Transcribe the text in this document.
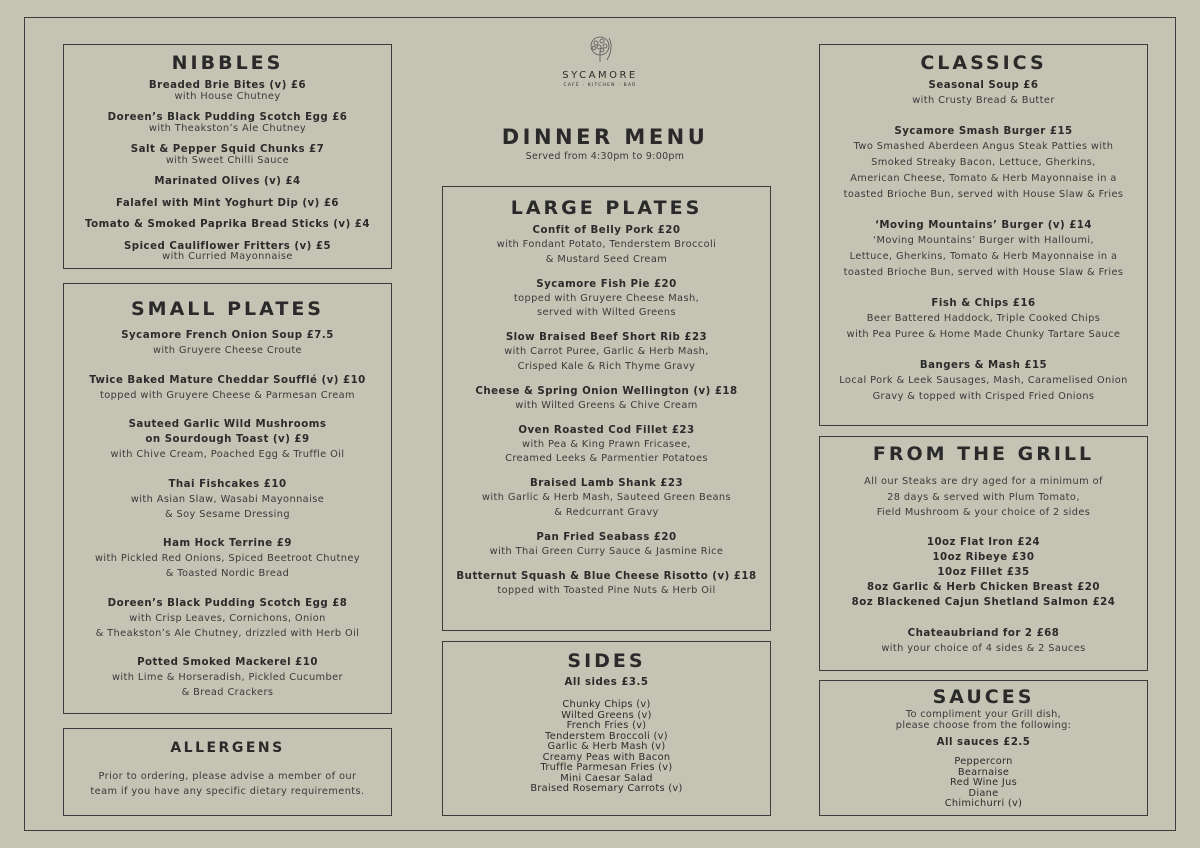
NIBBLES
Breaded Brie Bites (v) £6
with House Chutney
Doreen’s Black Pudding Scotch Egg £6
with Theakston’s Ale Chutney
Salt & Pepper Squid Chunks £7
with Sweet Chilli Sauce
Marinated Olives (v) £4
Falafel with Mint Yoghurt Dip (v) £6
Tomato & Smoked Paprika Bread Sticks (v) £4
Spiced Cauliflower Fritters (v) £5
with Curried Mayonnaise
SMALL PLATES
Sycamore French Onion Soup £7.5
with Gruyere Cheese Croute
Twice Baked Mature Cheddar Soufflé (v) £10
topped with Gruyere Cheese & Parmesan Cream
Sauteed Garlic Wild Mushrooms
on Sourdough Toast (v) £9
with Chive Cream, Poached Egg & Truffle Oil
Thai Fishcakes £10
with Asian Slaw, Wasabi Mayonnaise
& Soy Sesame Dressing
Ham Hock Terrine £9
with Pickled Red Onions, Spiced Beetroot Chutney
& Toasted Nordic Bread
Doreen’s Black Pudding Scotch Egg £8
with Crisp Leaves, Cornichons, Onion
& Theakston’s Ale Chutney, drizzled with Herb Oil
Potted Smoked Mackerel £10
with Lime & Horseradish, Pickled Cucumber
& Bread Crackers
ALLERGENS
Prior to ordering, please advise a member of our
team if you have any specific dietary requirements.
SYCAMORE
CAFÉ · KITCHEN · BAR
DINNER MENU
Served from 4:30pm to 9:00pm
LARGE PLATES
Confit of Belly Pork £20
with Fondant Potato, Tenderstem Broccoli
& Mustard Seed Cream
Sycamore Fish Pie £20
topped with Gruyere Cheese Mash,
served with Wilted Greens
Slow Braised Beef Short Rib £23
with Carrot Puree, Garlic & Herb Mash,
Crisped Kale & Rich Thyme Gravy
Cheese & Spring Onion Wellington (v) £18
with Wilted Greens & Chive Cream
Oven Roasted Cod Fillet £23
with Pea & King Prawn Fricasee,
Creamed Leeks & Parmentier Potatoes
Braised Lamb Shank £23
with Garlic & Herb Mash, Sauteed Green Beans
& Redcurrant Gravy
Pan Fried Seabass £20
with Thai Green Curry Sauce & Jasmine Rice
Butternut Squash & Blue Cheese Risotto (v) £18
topped with Toasted Pine Nuts & Herb Oil
SIDES
All sides £3.5
Chunky Chips (v)
Wilted Greens (v)
French Fries (v)
Tenderstem Broccoli (v)
Garlic & Herb Mash (v)
Creamy Peas with Bacon
Truffle Parmesan Fries (v)
Mini Caesar Salad
Braised Rosemary Carrots (v)
CLASSICS
Seasonal Soup £6
with Crusty Bread & Butter
Sycamore Smash Burger £15
Two Smashed Aberdeen Angus Steak Patties with
Smoked Streaky Bacon, Lettuce, Gherkins,
American Cheese, Tomato & Herb Mayonnaise in a
toasted Brioche Bun, served with House Slaw & Fries
‘Moving Mountains’ Burger (v) £14
‘Moving Mountains’ Burger with Halloumi,
Lettuce, Gherkins, Tomato & Herb Mayonnaise in a
toasted Brioche Bun, served with House Slaw & Fries
Fish & Chips £16
Beer Battered Haddock, Triple Cooked Chips
with Pea Puree & Home Made Chunky Tartare Sauce
Bangers & Mash £15
Local Pork & Leek Sausages, Mash, Caramelised Onion
Gravy & topped with Crisped Fried Onions
FROM THE GRILL
All our Steaks are dry aged for a minimum of
28 days & served with Plum Tomato,
Field Mushroom & your choice of 2 sides
10oz Flat Iron £24
10oz Ribeye £30
10oz Fillet £35
8oz Garlic & Herb Chicken Breast £20
8oz Blackened Cajun Shetland Salmon £24
Chateaubriand for 2 £68
with your choice of 4 sides & 2 Sauces
SAUCES
To compliment your Grill dish,
please choose from the following:
All sauces £2.5
Peppercorn
Bearnaise
Red Wine Jus
Diane
Chimichurri (v)
